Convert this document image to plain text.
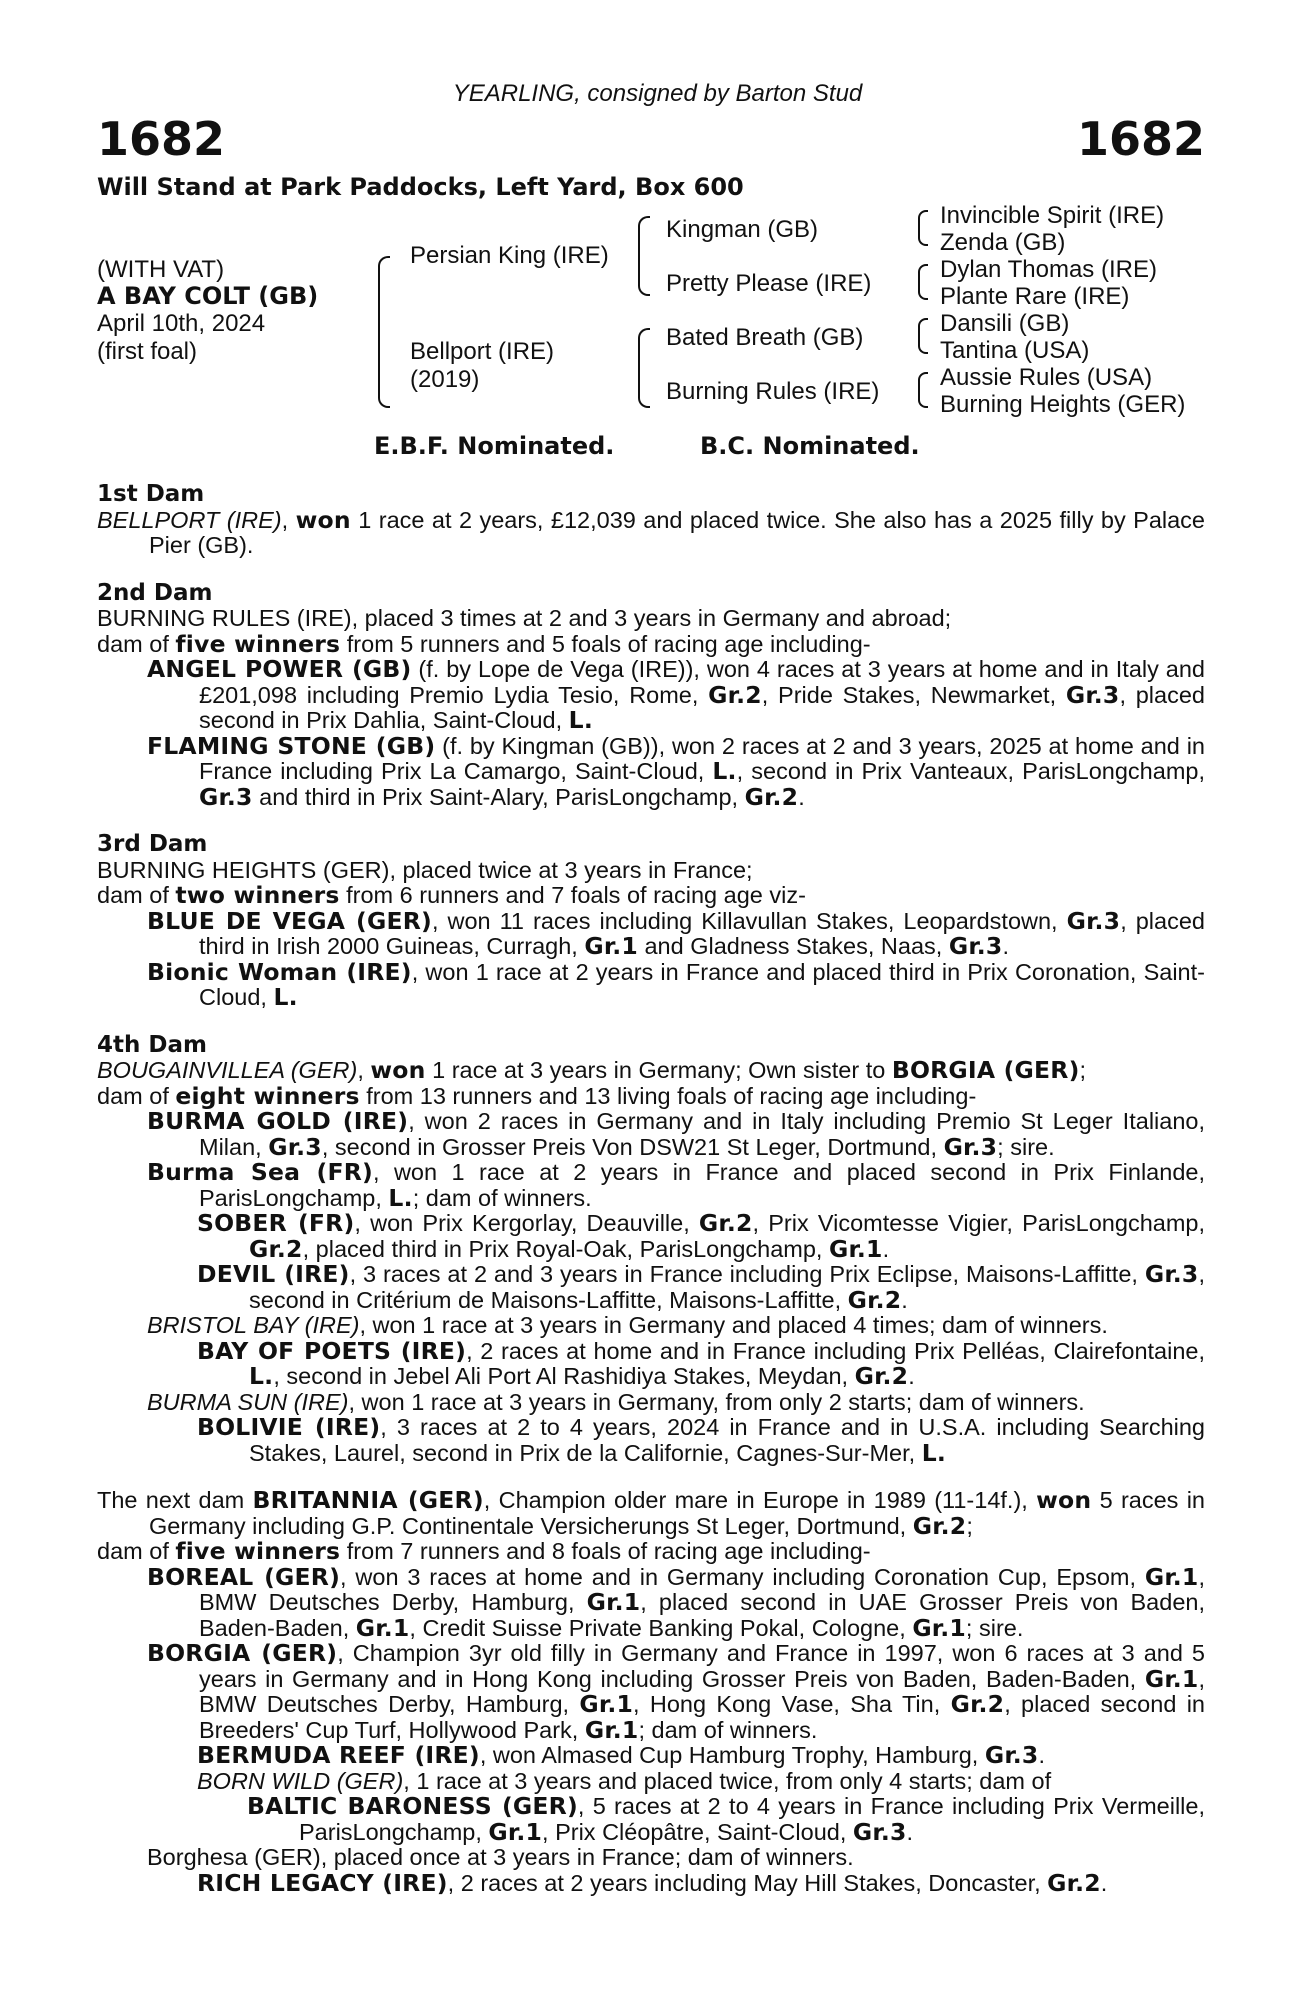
YEARLING, consigned by Barton Stud
1682	1682
Will Stand at Park Paddocks, Left Yard, Box 600
(WITH VAT)
A BAY COLT (GB)
April 10th, 2024
(first foal)
Persian King (IRE)
Bellport (IRE)
(2019)
Kingman (GB)
Pretty Please (IRE)
Bated Breath (GB)
Burning Rules (IRE)
Invincible Spirit (IRE)
Zenda (GB)
Dylan Thomas (IRE)
Plante Rare (IRE)
Dansili (GB)
Tantina (USA)
Aussie Rules (USA)
Burning Heights (GER)
E.B.F. Nominated.	B.C. Nominated.
1st Dam
BELLPORT (IRE), won 1 race at 2 years, £12,039 and placed twice. She also has a 2025 filly by Palace Pier (GB).
2nd Dam
BURNING RULES (IRE), placed 3 times at 2 and 3 years in Germany and abroad;
dam of five winners from 5 runners and 5 foals of racing age including-
ANGEL POWER (GB) (f. by Lope de Vega (IRE)), won 4 races at 3 years at home and in Italy and £201,098 including Premio Lydia Tesio, Rome, Gr.2, Pride Stakes, Newmarket, Gr.3, placed second in Prix Dahlia, Saint-Cloud, L.
FLAMING STONE (GB) (f. by Kingman (GB)), won 2 races at 2 and 3 years, 2025 at home and in France including Prix La Camargo, Saint-Cloud, L., second in Prix Vanteaux, ParisLongchamp, Gr.3 and third in Prix Saint-Alary, ParisLongchamp, Gr.2.
3rd Dam
BURNING HEIGHTS (GER), placed twice at 3 years in France;
dam of two winners from 6 runners and 7 foals of racing age viz-
BLUE DE VEGA (GER), won 11 races including Killavullan Stakes, Leopardstown, Gr.3, placed third in Irish 2000 Guineas, Curragh, Gr.1 and Gladness Stakes, Naas, Gr.3.
Bionic Woman (IRE), won 1 race at 2 years in France and placed third in Prix Coronation, Saint-Cloud, L.
4th Dam
BOUGAINVILLEA (GER), won 1 race at 3 years in Germany; Own sister to BORGIA (GER);
dam of eight winners from 13 runners and 13 living foals of racing age including-
BURMA GOLD (IRE), won 2 races in Germany and in Italy including Premio St Leger Italiano, Milan, Gr.3, second in Grosser Preis Von DSW21 St Leger, Dortmund, Gr.3; sire.
Burma Sea (FR), won 1 race at 2 years in France and placed second in Prix Finlande, ParisLongchamp, L.; dam of winners.
SOBER (FR), won Prix Kergorlay, Deauville, Gr.2, Prix Vicomtesse Vigier, ParisLongchamp, Gr.2, placed third in Prix Royal-Oak, ParisLongchamp, Gr.1.
DEVIL (IRE), 3 races at 2 and 3 years in France including Prix Eclipse, Maisons-Laffitte, Gr.3, second in Critérium de Maisons-Laffitte, Maisons-Laffitte, Gr.2.
BRISTOL BAY (IRE), won 1 race at 3 years in Germany and placed 4 times; dam of winners.
BAY OF POETS (IRE), 2 races at home and in France including Prix Pelléas, Clairefontaine, L., second in Jebel Ali Port Al Rashidiya Stakes, Meydan, Gr.2.
BURMA SUN (IRE), won 1 race at 3 years in Germany, from only 2 starts; dam of winners.
BOLIVIE (IRE), 3 races at 2 to 4 years, 2024 in France and in U.S.A. including Searching Stakes, Laurel, second in Prix de la Californie, Cagnes-Sur-Mer, L.
The next dam BRITANNIA (GER), Champion older mare in Europe in 1989 (11-14f.), won 5 races in Germany including G.P. Continentale Versicherungs St Leger, Dortmund, Gr.2;
dam of five winners from 7 runners and 8 foals of racing age including-
BOREAL (GER), won 3 races at home and in Germany including Coronation Cup, Epsom, Gr.1, BMW Deutsches Derby, Hamburg, Gr.1, placed second in UAE Grosser Preis von Baden, Baden-Baden, Gr.1, Credit Suisse Private Banking Pokal, Cologne, Gr.1; sire.
BORGIA (GER), Champion 3yr old filly in Germany and France in 1997, won 6 races at 3 and 5 years in Germany and in Hong Kong including Grosser Preis von Baden, Baden-Baden, Gr.1, BMW Deutsches Derby, Hamburg, Gr.1, Hong Kong Vase, Sha Tin, Gr.2, placed second in Breeders' Cup Turf, Hollywood Park, Gr.1; dam of winners.
BERMUDA REEF (IRE), won Almased Cup Hamburg Trophy, Hamburg, Gr.3.
BORN WILD (GER), 1 race at 3 years and placed twice, from only 4 starts; dam of
BALTIC BARONESS (GER), 5 races at 2 to 4 years in France including Prix Vermeille, ParisLongchamp, Gr.1, Prix Cléopâtre, Saint-Cloud, Gr.3.
Borghesa (GER), placed once at 3 years in France; dam of winners.
RICH LEGACY (IRE), 2 races at 2 years including May Hill Stakes, Doncaster, Gr.2.
